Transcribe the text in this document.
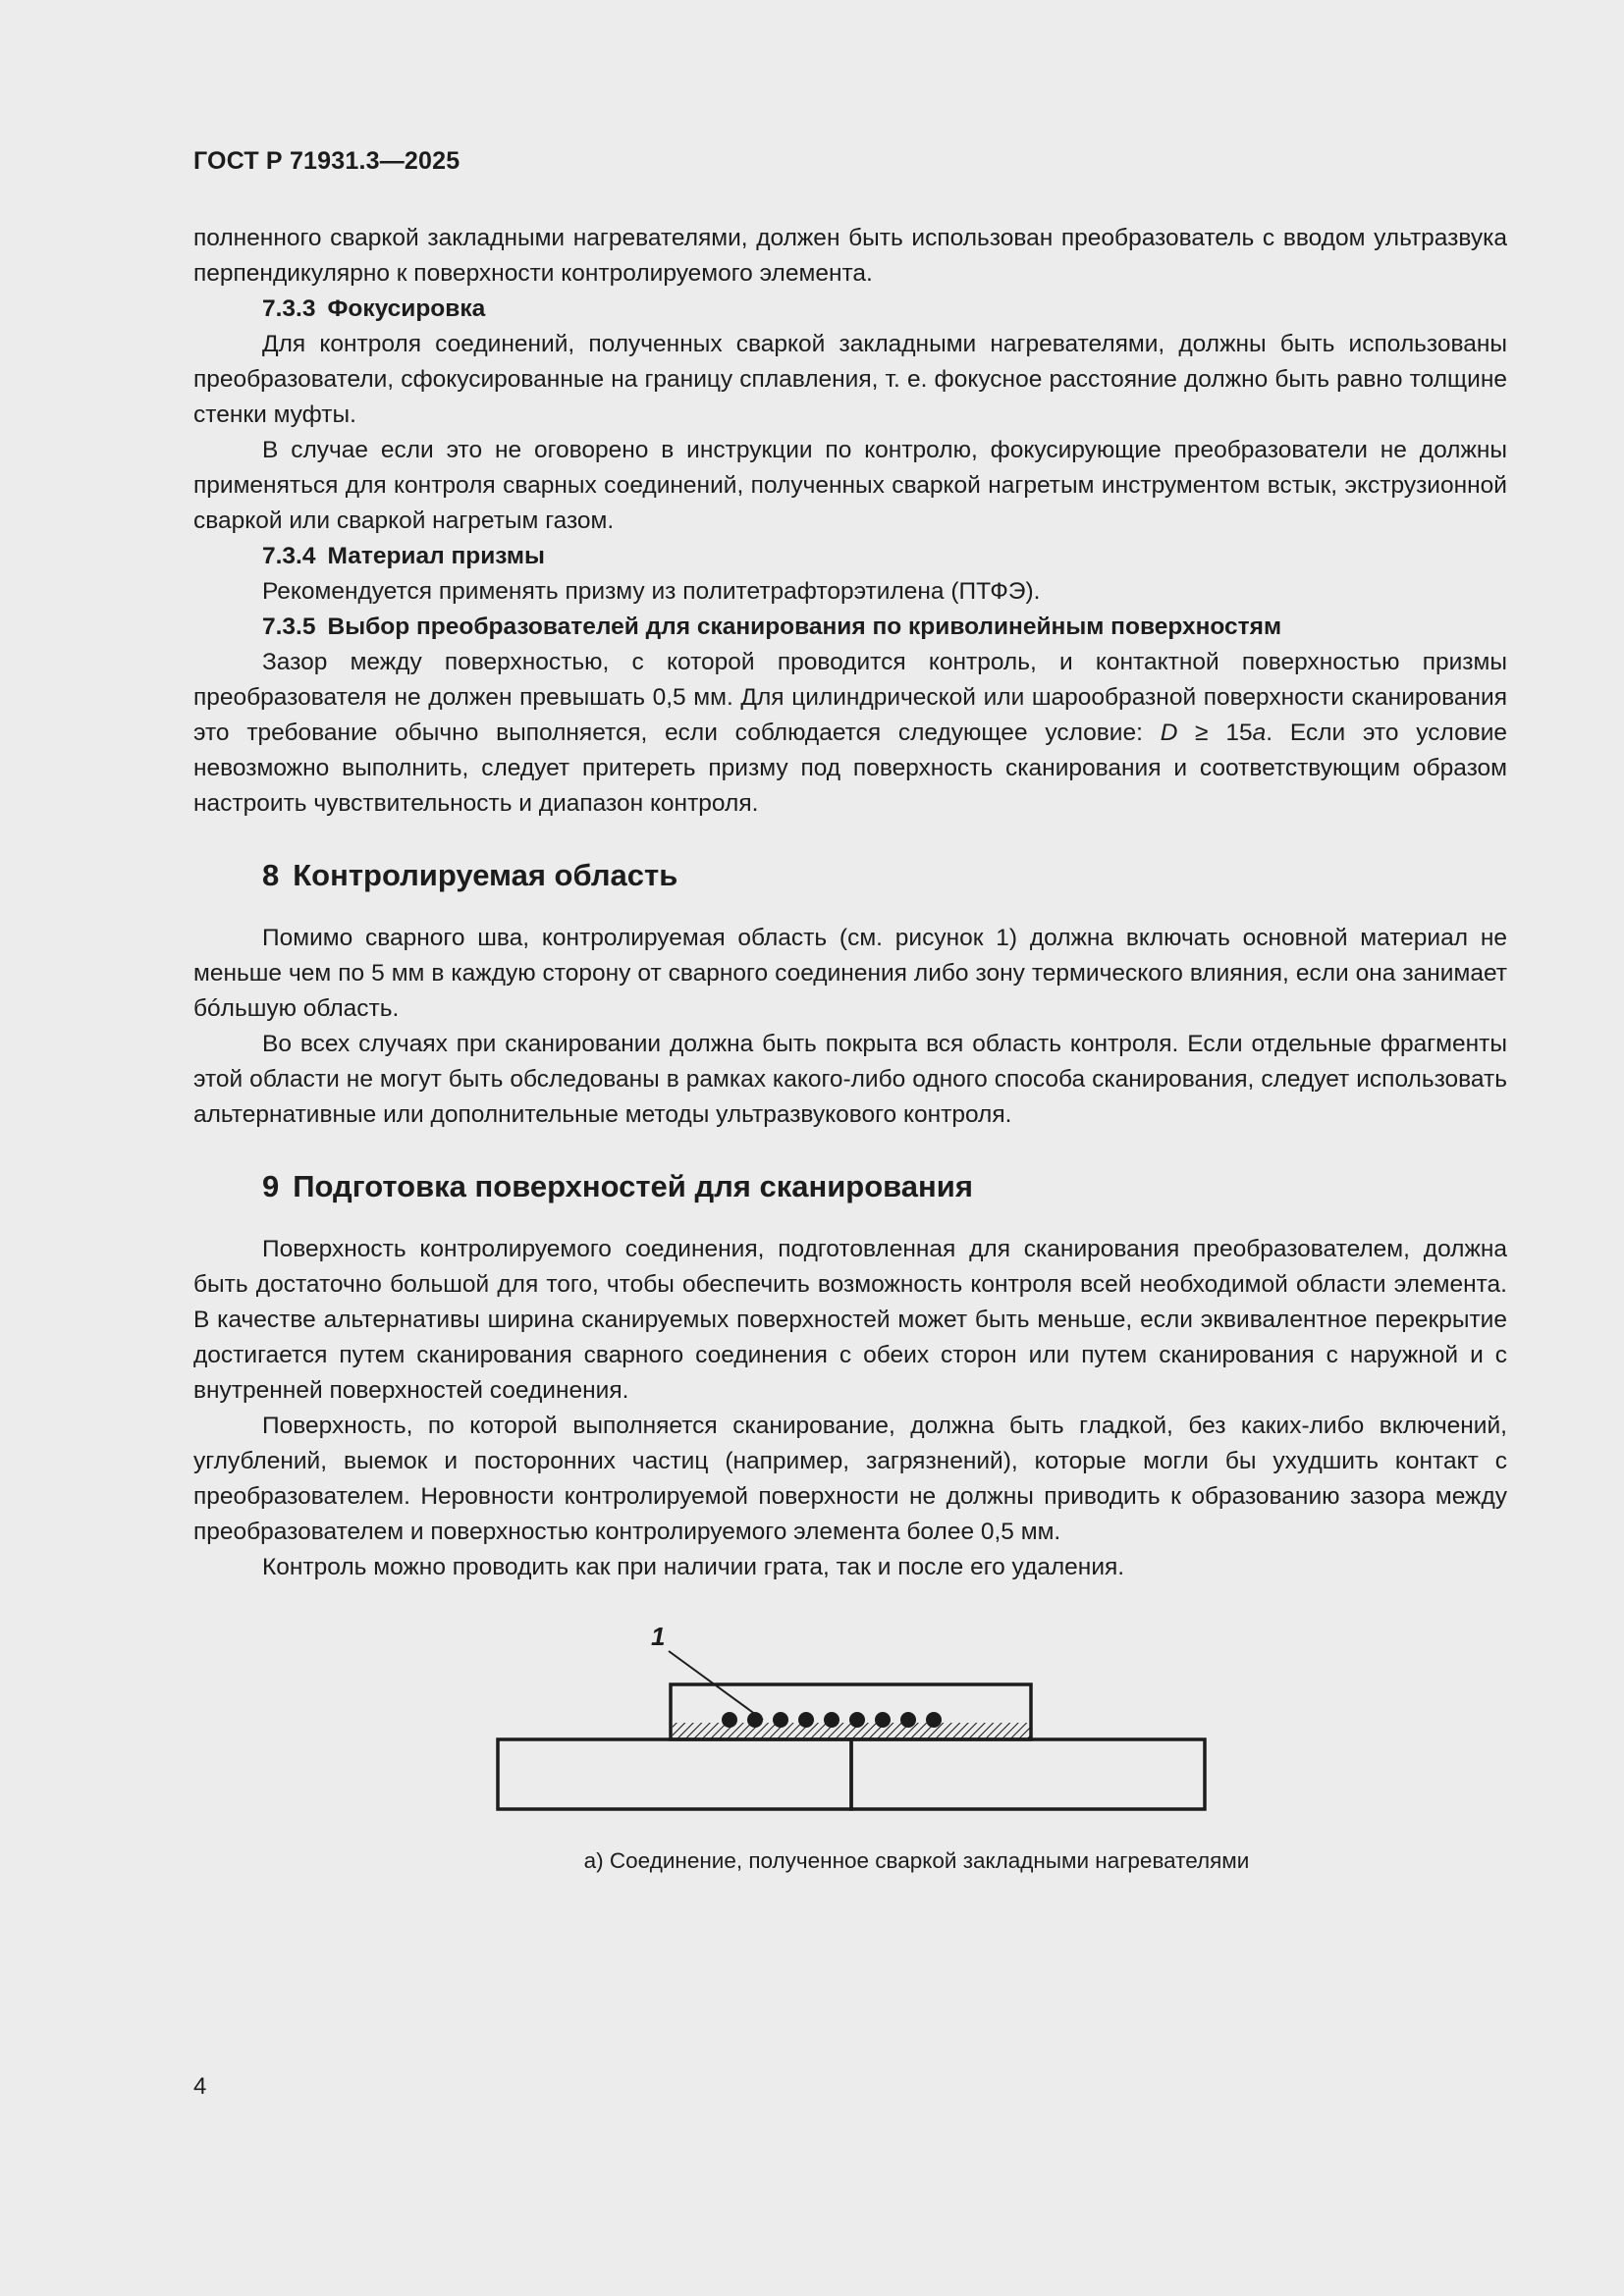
ГОСТ Р 71931.3—2025

полненного сваркой закладными нагревателями, должен быть использован преобразователь с вводом ультразвука перпендикулярно к поверхности контролируемого элемента.

7.3.3 Фокусировка

Для контроля соединений, полученных сваркой закладными нагревателями, должны быть использованы преобразователи, сфокусированные на границу сплавления, т. е. фокусное расстояние должно быть равно толщине стенки муфты.

В случае если это не оговорено в инструкции по контролю, фокусирующие преобразователи не должны применяться для контроля сварных соединений, полученных сваркой нагретым инструментом встык, экструзионной сваркой или сваркой нагретым газом.

7.3.4 Материал призмы

Рекомендуется применять призму из политетрафторэтилена (ПТФЭ).

7.3.5 Выбор преобразователей для сканирования по криволинейным поверхностям

Зазор между поверхностью, с которой проводится контроль, и контактной поверхностью призмы преобразователя не должен превышать 0,5 мм. Для цилиндрической или шарообразной поверхности сканирования это требование обычно выполняется, если соблюдается следующее условие: D ≥ 15a. Если это условие невозможно выполнить, следует притереть призму под поверхность сканирования и соответствующим образом настроить чувствительность и диапазон контроля.

8 Контролируемая область

Помимо сварного шва, контролируемая область (см. рисунок 1) должна включать основной материал не меньше чем по 5 мм в каждую сторону от сварного соединения либо зону термического влияния, если она занимает бóльшую область.

Во всех случаях при сканировании должна быть покрыта вся область контроля. Если отдельные фрагменты этой области не могут быть обследованы в рамках какого-либо одного способа сканирования, следует использовать альтернативные или дополнительные методы ультразвукового контроля.

9 Подготовка поверхностей для сканирования

Поверхность контролируемого соединения, подготовленная для сканирования преобразователем, должна быть достаточно большой для того, чтобы обеспечить возможность контроля всей необходимой области элемента. В качестве альтернативы ширина сканируемых поверхностей может быть меньше, если эквивалентное перекрытие достигается путем сканирования сварного соединения с обеих сторон или путем сканирования с наружной и с внутренней поверхностей соединения.

Поверхность, по которой выполняется сканирование, должна быть гладкой, без каких-либо включений, углублений, выемок и посторонних частиц (например, загрязнений), которые могли бы ухудшить контакт с преобразователем. Неровности контролируемой поверхности не должны приводить к образованию зазора между преобразователем и поверхностью контролируемого элемента более 0,5 мм.

Контроль можно проводить как при наличии грата, так и после его удаления.

1
а) Соединение, полученное сваркой закладными нагревателями
4
